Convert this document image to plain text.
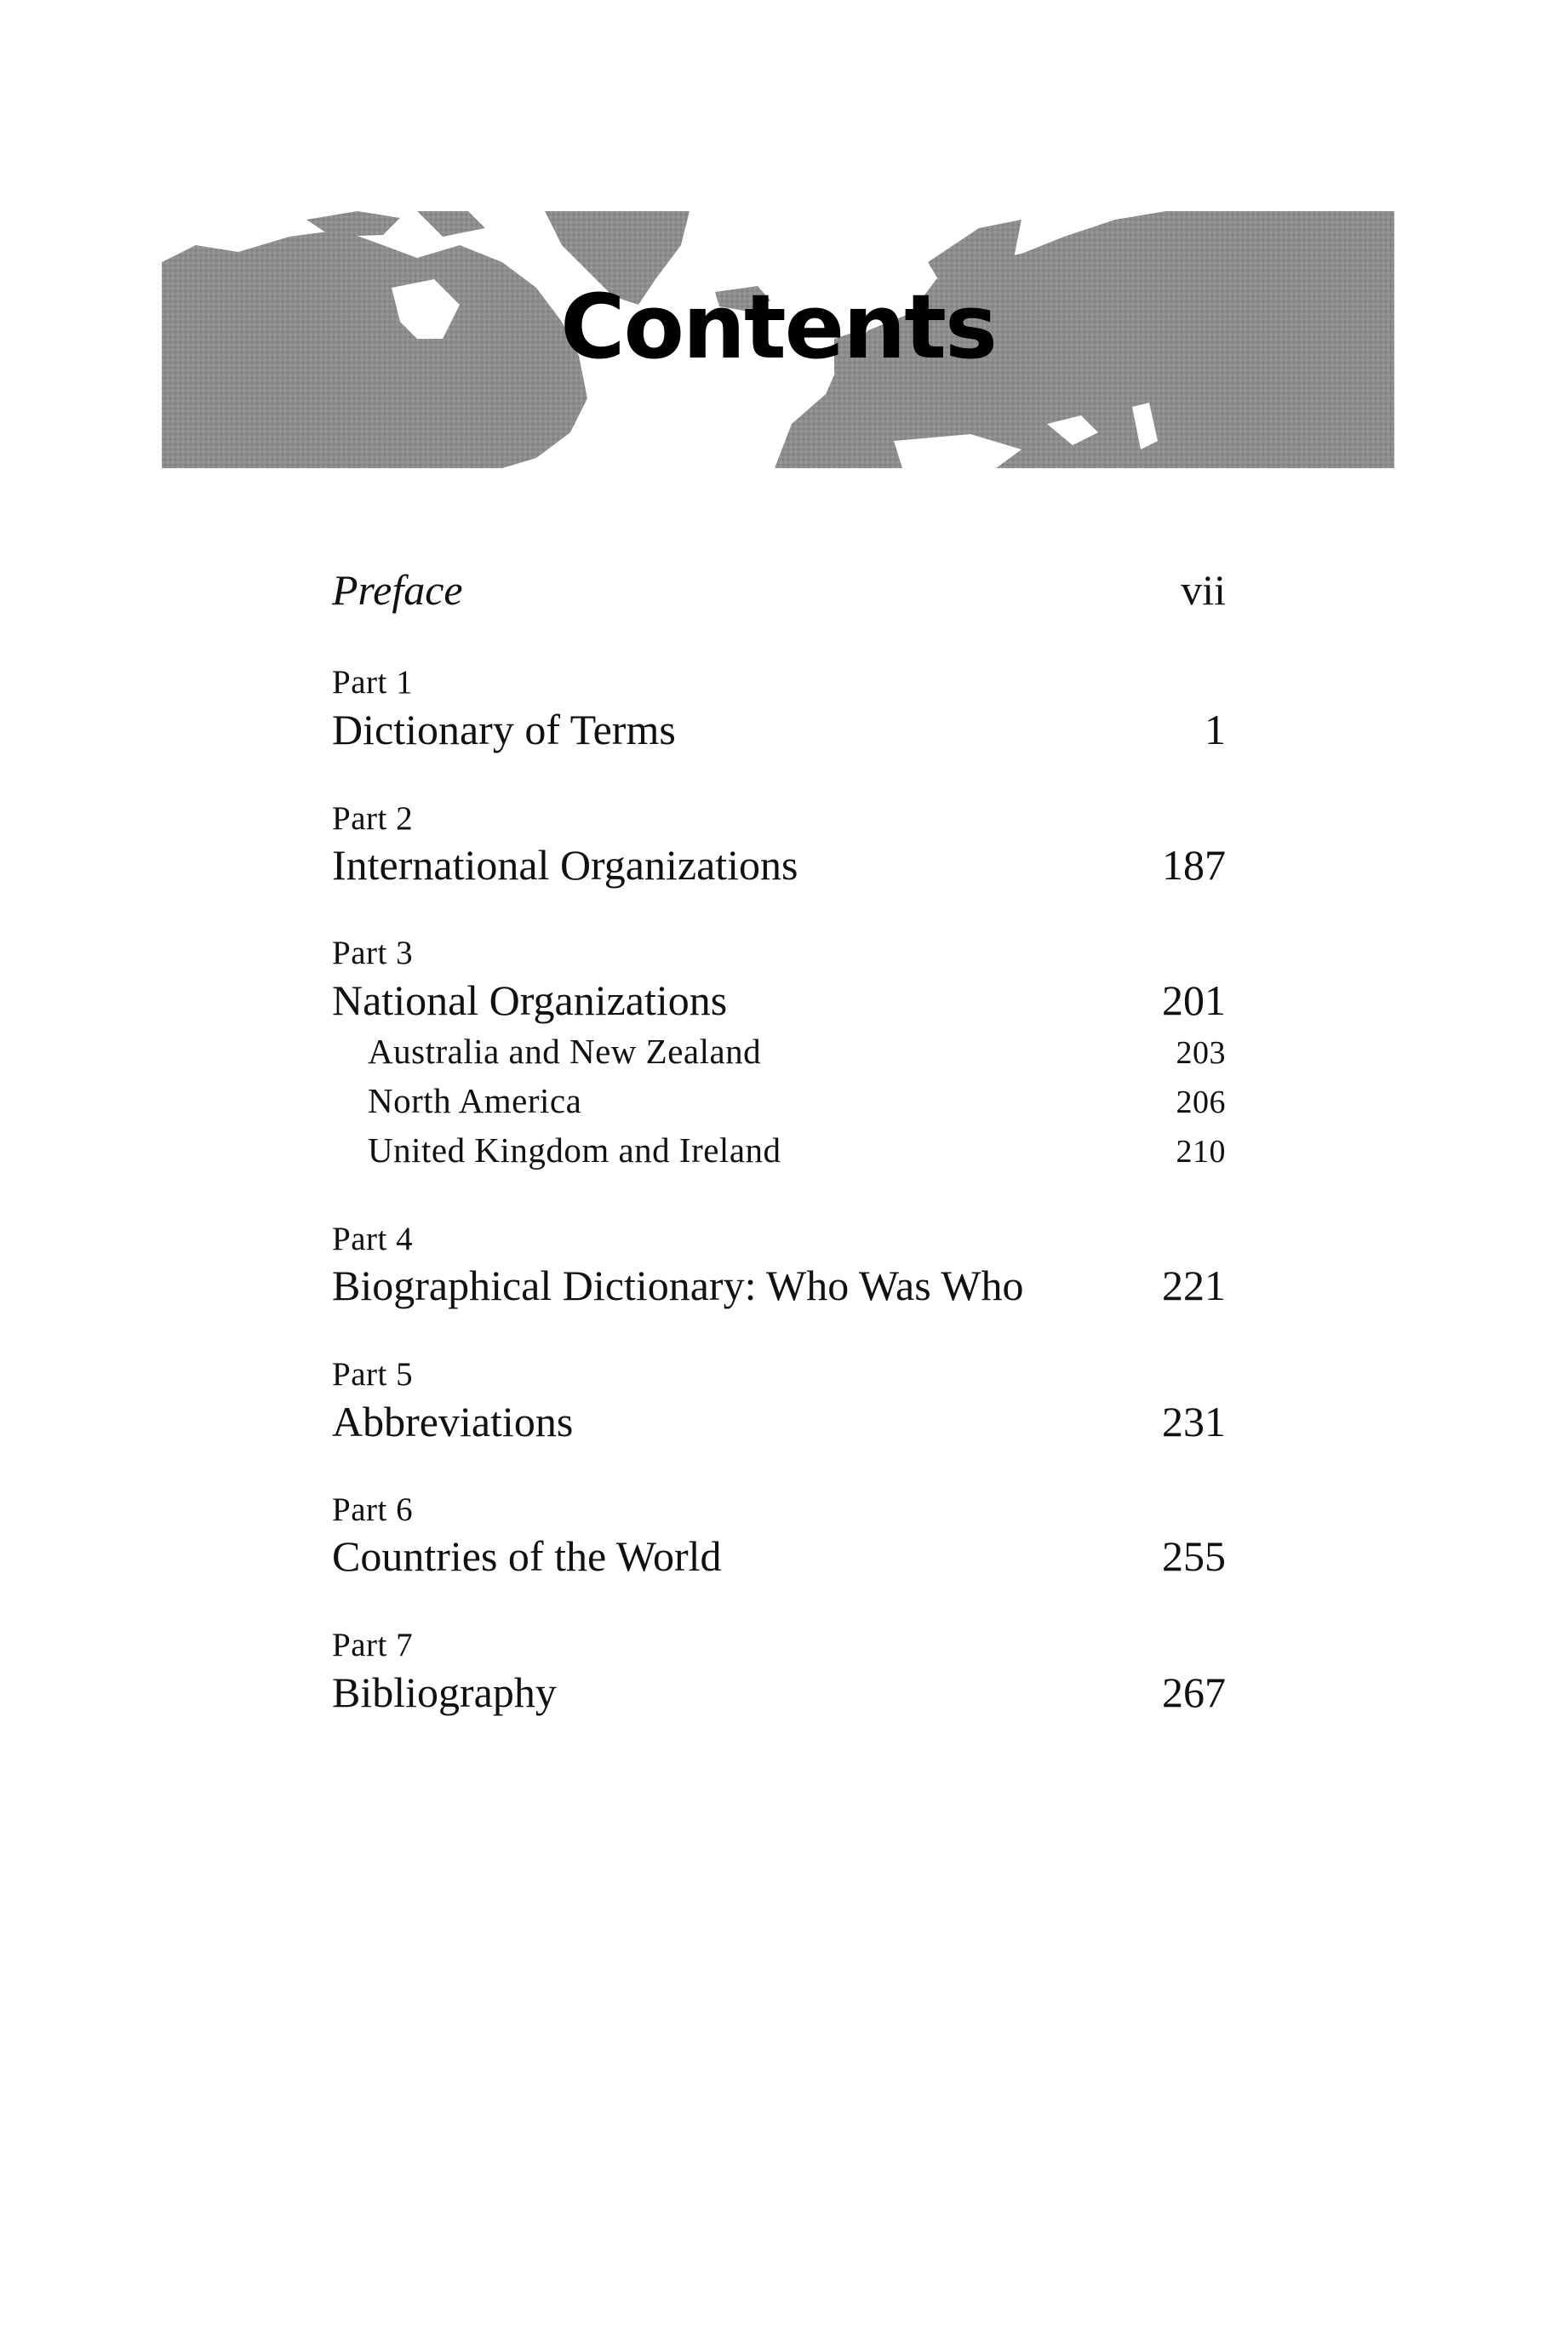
Contents
Preface	vii
Part 1
Dictionary of Terms	1
Part 2
International Organizations	187
Part 3
National Organizations	201
Australia and New Zealand	203
North America	206
United Kingdom and Ireland	210
Part 4
Biographical Dictionary: Who Was Who	221
Part 5
Abbreviations	231
Part 6
Countries of the World	255
Part 7
Bibliography	267
